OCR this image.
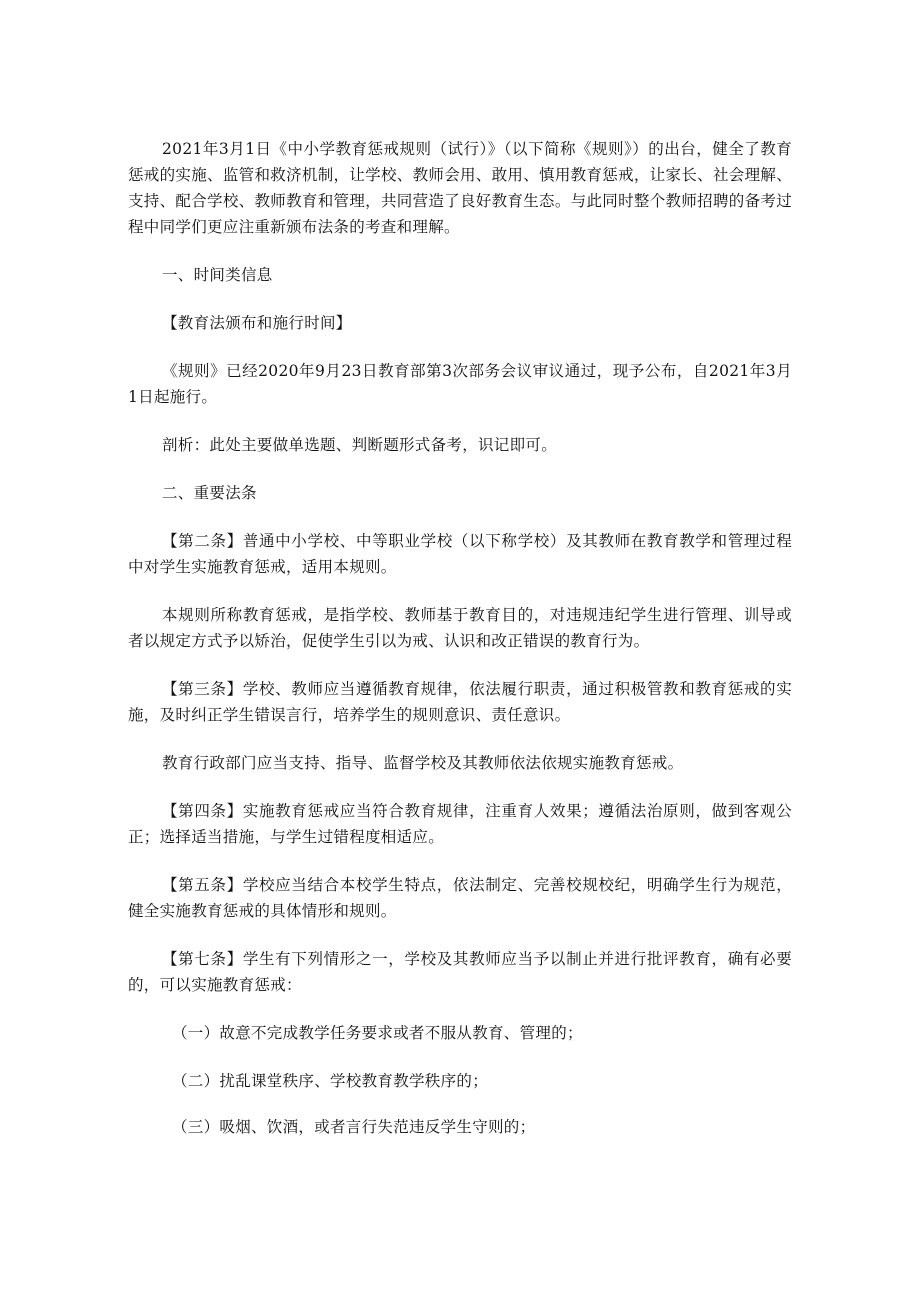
2021年3月1日《中小学教育惩戒规则（试行）》（以下简称《规则》）的出台，健全了教育惩戒的实施、监管和救济机制，让学校、教师会用、敢用、慎用教育惩戒，让家长、社会理解、支持、配合学校、教师教育和管理，共同营造了良好教育生态。与此同时整个教师招聘的备考过程中同学们更应注重新颁布法条的考查和理解。

一、时间类信息

【教育法颁布和施行时间】

《规则》已经2020年9月23日教育部第3次部务会议审议通过，现予公布，自2021年3月1日起施行。

剖析：此处主要做单选题、判断题形式备考，识记即可。

二、重要法条

【第二条】普通中小学校、中等职业学校（以下称学校）及其教师在教育教学和管理过程中对学生实施教育惩戒，适用本规则。

本规则所称教育惩戒，是指学校、教师基于教育目的，对违规违纪学生进行管理、训导或者以规定方式予以矫治，促使学生引以为戒、认识和改正错误的教育行为。

【第三条】学校、教师应当遵循教育规律，依法履行职责，通过积极管教和教育惩戒的实施，及时纠正学生错误言行，培养学生的规则意识、责任意识。

教育行政部门应当支持、指导、监督学校及其教师依法依规实施教育惩戒。

【第四条】实施教育惩戒应当符合教育规律，注重育人效果；遵循法治原则，做到客观公正；选择适当措施，与学生过错程度相适应。

【第五条】学校应当结合本校学生特点，依法制定、完善校规校纪，明确学生行为规范，健全实施教育惩戒的具体情形和规则。

【第七条】学生有下列情形之一，学校及其教师应当予以制止并进行批评教育，确有必要的，可以实施教育惩戒：

（一）故意不完成教学任务要求或者不服从教育、管理的；

（二）扰乱课堂秩序、学校教育教学秩序的；

（三）吸烟、饮酒，或者言行失范违反学生守则的；
